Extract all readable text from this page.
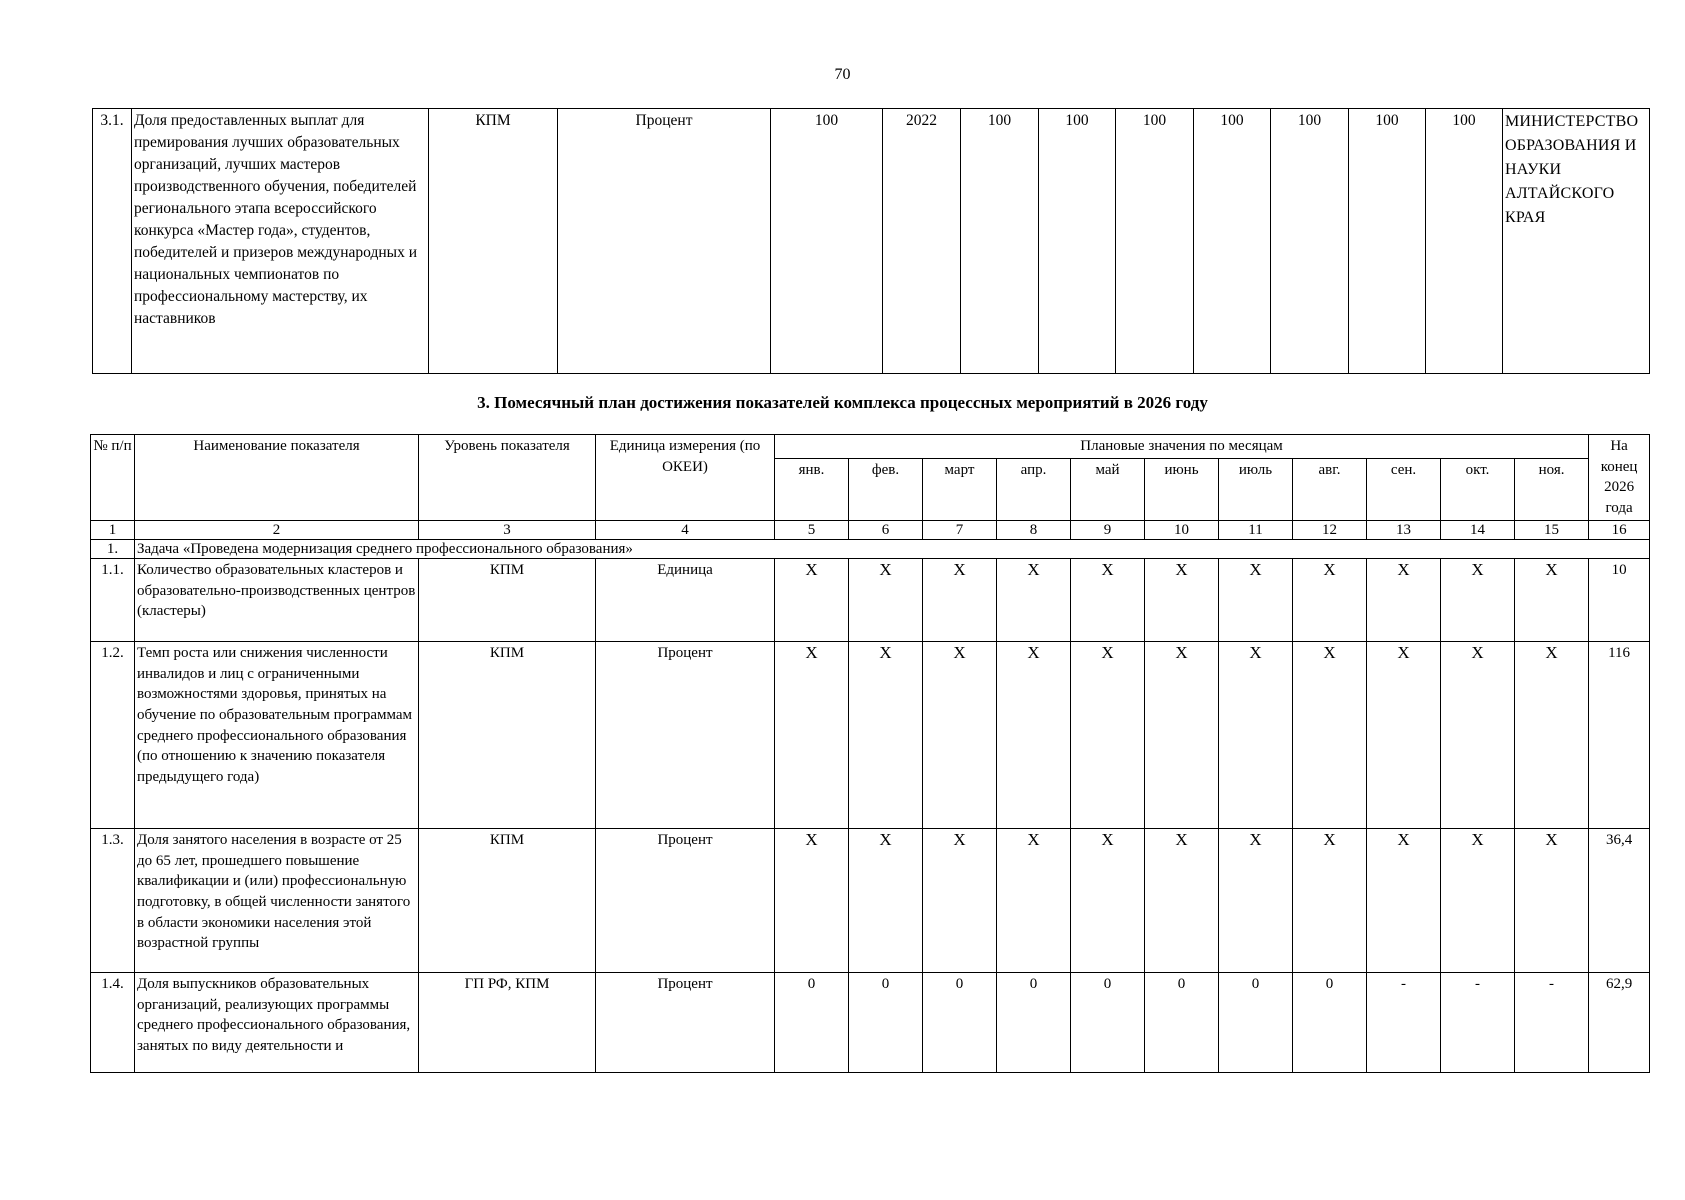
70
3.1.	Доля предоставленных выплат для премирования лучших образовательных организаций, лучших мастеров производственного обучения, победителей регионального этапа всероссийского конкурса «Мастер года», студентов, победителей и призеров международных и национальных чемпионатов по профессиональному мастерству, их наставников	КПМ	Процент	100	2022	100	100	100	100	100	100	100	МИНИСТЕРСТВО ОБРАЗОВАНИЯ И НАУКИ АЛТАЙСКОГО КРАЯ
3. Помесячный план достижения показателей комплекса процессных мероприятий в 2026 году
№ п/п	Наименование показателя	Уровень показателя	Единица измерения (по ОКЕИ)	Плановые значения по месяцам											На конец 2026 года
				янв.	фев.	март	апр.	май	июнь	июль	авг.	сен.	окт.	ноя.	
1	2	3	4	5	6	7	8	9	10	11	12	13	14	15	16
1.	Задача «Проведена модернизация среднего профессионального образования»														
1.1.	Количество образовательных кластеров и образовательно-производственных центров (кластеры)	КПМ	Единица	X	X	X	X	X	X	X	X	X	X	X	10
1.2.	Темп роста или снижения численности инвалидов и лиц с ограниченными возможностями здоровья, принятых на обучение по образовательным программам среднего профессионального образования (по отношению к значению показателя предыдущего года)	КПМ	Процент	X	X	X	X	X	X	X	X	X	X	X	116
1.3.	Доля занятого населения в возрасте от 25 до 65 лет, прошедшего повышение квалификации и (или) профессиональную подготовку, в общей численности занятого в области экономики населения этой возрастной группы	КПМ	Процент	X	X	X	X	X	X	X	X	X	X	X	36,4
1.4.	Доля выпускников образовательных организаций, реализующих программы среднего профессионального образования, занятых по виду деятельности и	ГП РФ, КПМ	Процент	0	0	0	0	0	0	0	0	-	-	-	62,9
